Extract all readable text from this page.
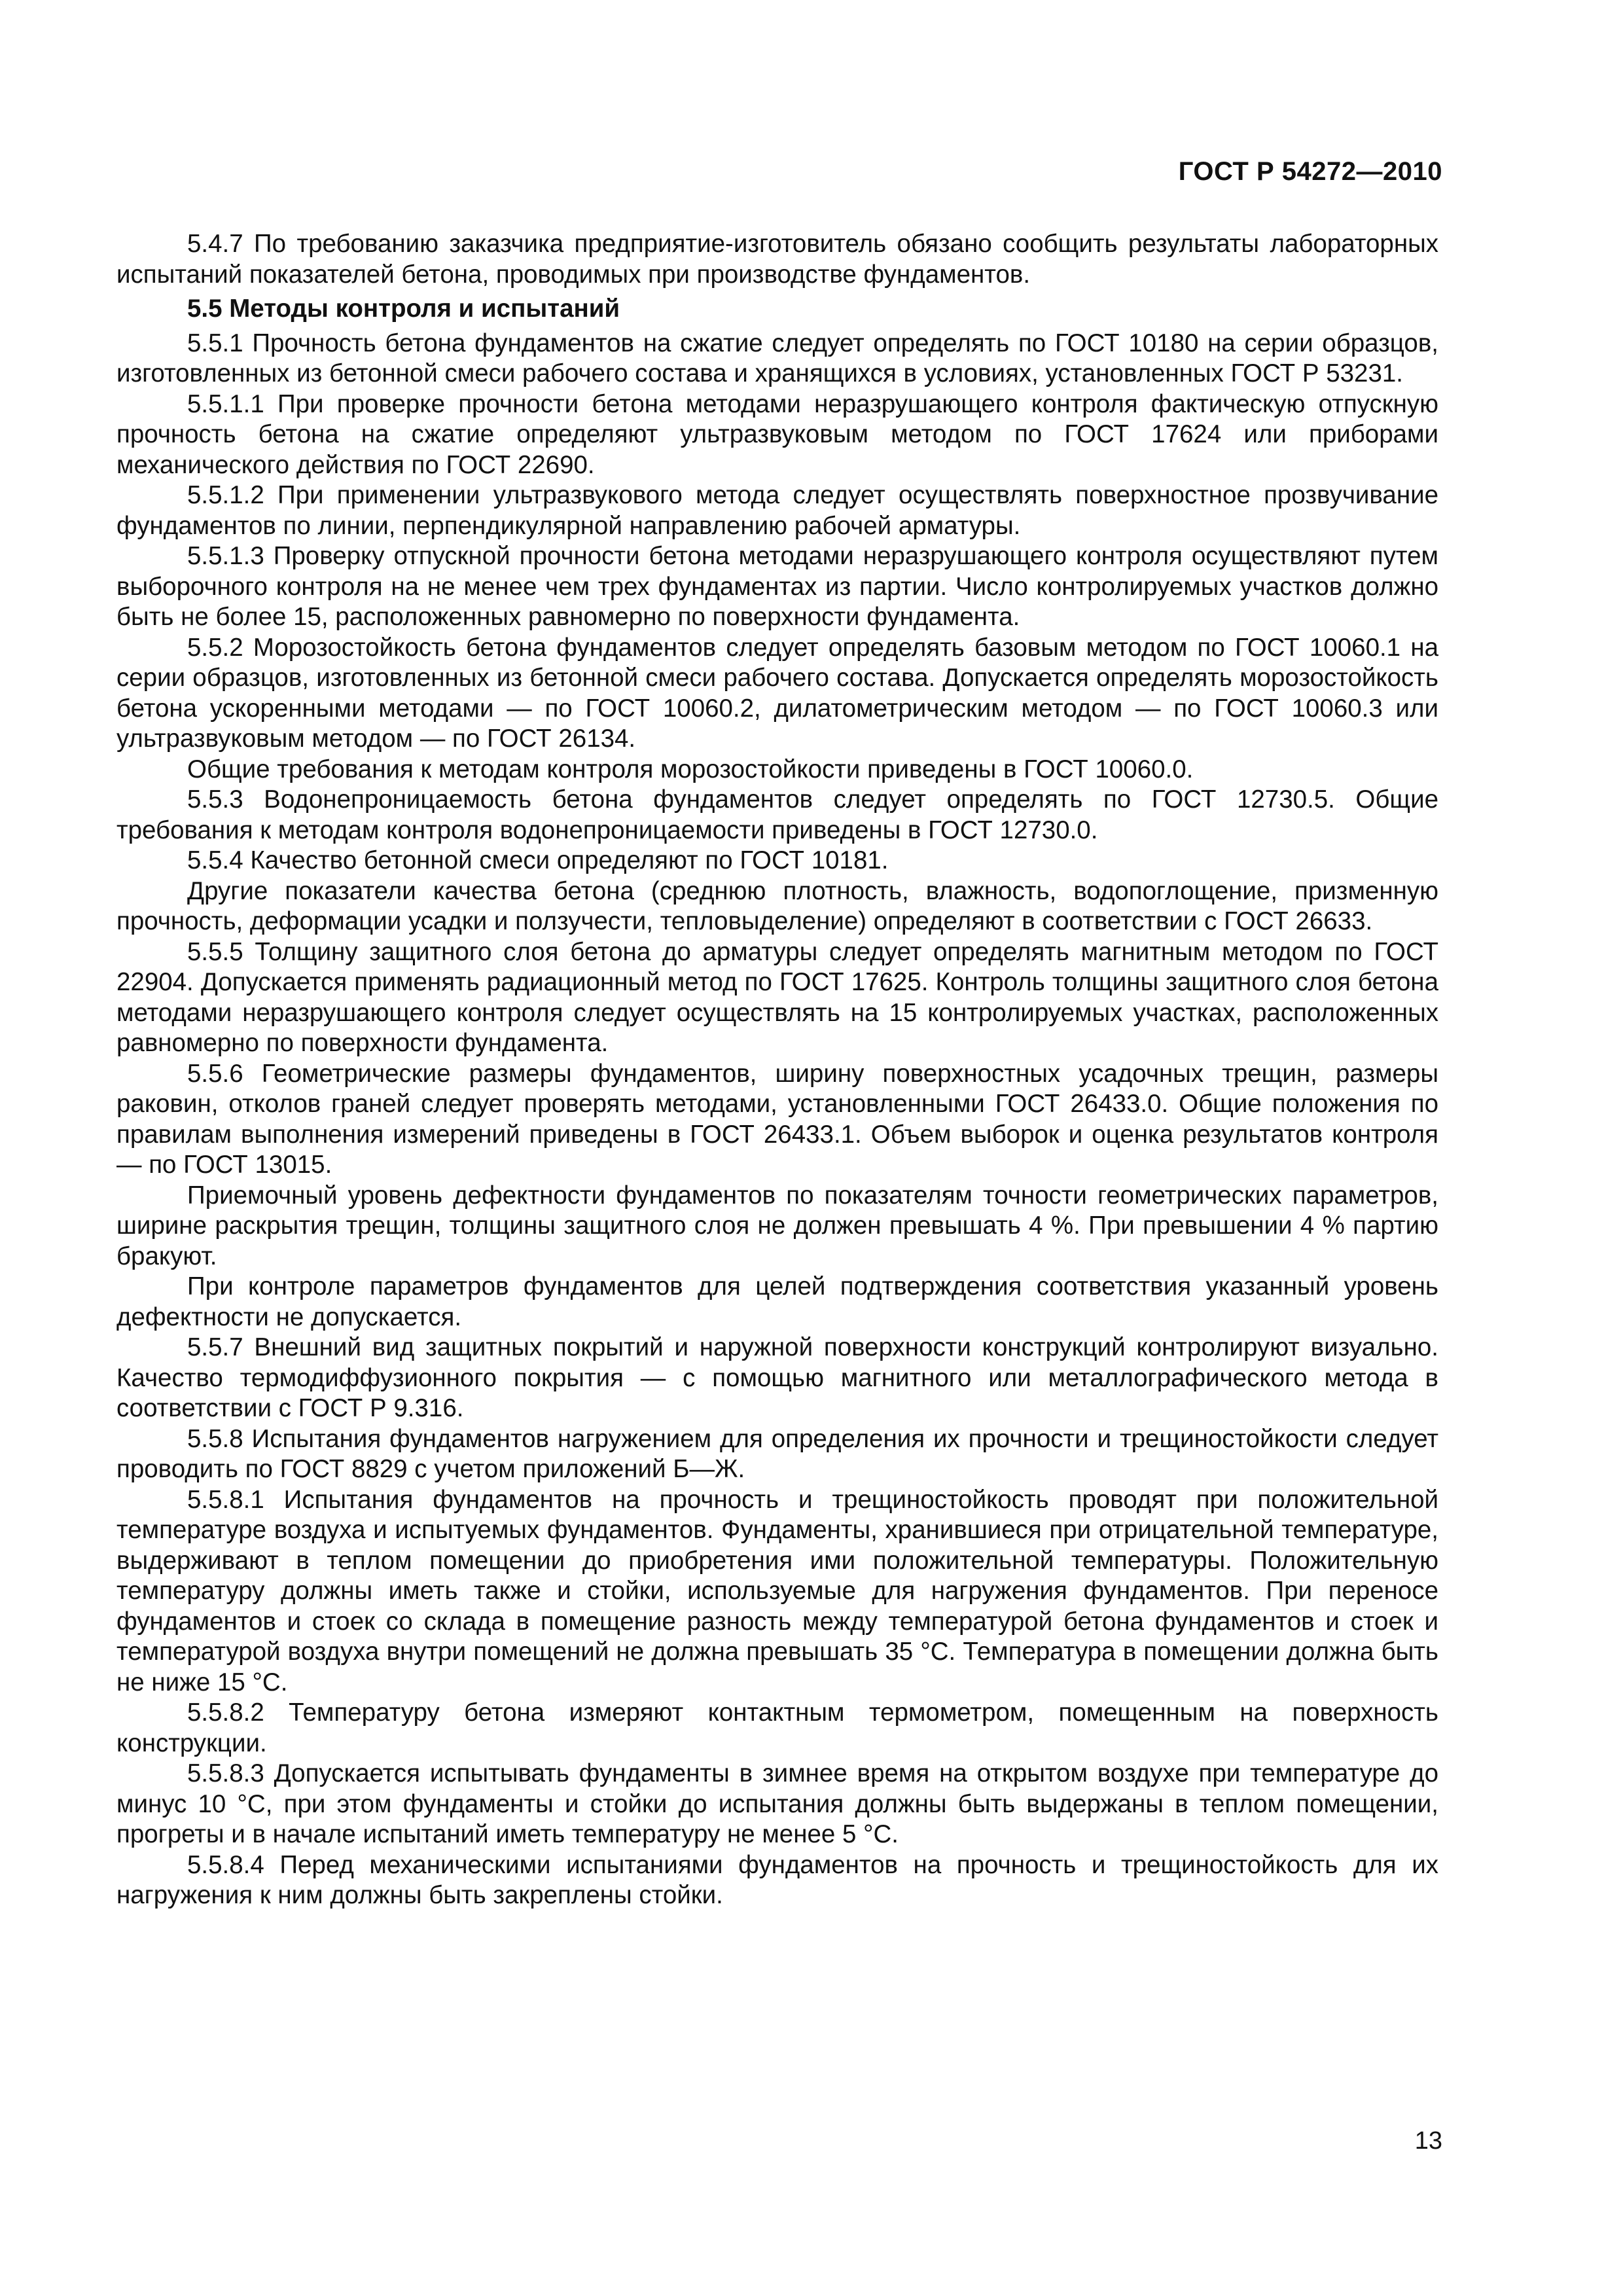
ГОСТ Р 54272—2010

5.4.7 По требованию заказчика предприятие-изготовитель обязано сообщить результаты лабораторных испытаний показателей бетона, проводимых при производстве фундаментов.

5.5 Методы контроля и испытаний

5.5.1 Прочность бетона фундаментов на сжатие следует определять по ГОСТ 10180 на серии образцов, изготовленных из бетонной смеси рабочего состава и хранящихся в условиях, установленных ГОСТ Р 53231.

5.5.1.1 При проверке прочности бетона методами неразрушающего контроля фактическую отпускную прочность бетона на сжатие определяют ультразвуковым методом по ГОСТ 17624 или приборами механического действия по ГОСТ 22690.

5.5.1.2 При применении ультразвукового метода следует осуществлять поверхностное прозвучивание фундаментов по линии, перпендикулярной направлению рабочей арматуры.

5.5.1.3 Проверку отпускной прочности бетона методами неразрушающего контроля осуществляют путем выборочного контроля на не менее чем трех фундаментах из партии. Число контролируемых участков должно быть не более 15, расположенных равномерно по поверхности фундамента.

5.5.2 Морозостойкость бетона фундаментов следует определять базовым методом по ГОСТ 10060.1 на серии образцов, изготовленных из бетонной смеси рабочего состава. Допускается определять морозостойкость бетона ускоренными методами — по ГОСТ 10060.2, дилатометрическим методом — по ГОСТ 10060.3 или ультразвуковым методом — по ГОСТ 26134.

Общие требования к методам контроля морозостойкости приведены в ГОСТ 10060.0.

5.5.3 Водонепроницаемость бетона фундаментов следует определять по ГОСТ 12730.5. Общие требования к методам контроля водонепроницаемости приведены в ГОСТ 12730.0.

5.5.4 Качество бетонной смеси определяют по ГОСТ 10181.

Другие показатели качества бетона (среднюю плотность, влажность, водопоглощение, призменную прочность, деформации усадки и ползучести, тепловыделение) определяют в соответствии с ГОСТ 26633.

5.5.5 Толщину защитного слоя бетона до арматуры следует определять магнитным методом по ГОСТ 22904. Допускается применять радиационный метод по ГОСТ 17625. Контроль толщины защитного слоя бетона методами неразрушающего контроля следует осуществлять на 15 контролируемых участках, расположенных равномерно по поверхности фундамента.

5.5.6 Геометрические размеры фундаментов, ширину поверхностных усадочных трещин, размеры раковин, отколов граней следует проверять методами, установленными ГОСТ 26433.0. Общие положения по правилам выполнения измерений приведены в ГОСТ 26433.1. Объем выборок и оценка результатов контроля — по ГОСТ 13015.

Приемочный уровень дефектности фундаментов по показателям точности геометрических параметров, ширине раскрытия трещин, толщины защитного слоя не должен превышать 4 %. При превышении 4 % партию бракуют.

При контроле параметров фундаментов для целей подтверждения соответствия указанный уровень дефектности не допускается.

5.5.7 Внешний вид защитных покрытий и наружной поверхности конструкций контролируют визуально. Качество термодиффузионного покрытия — с помощью магнитного или металлографического метода в соответствии с ГОСТ Р 9.316.

5.5.8 Испытания фундаментов нагружением для определения их прочности и трещиностойкости следует проводить по ГОСТ 8829 с учетом приложений Б—Ж.

5.5.8.1 Испытания фундаментов на прочность и трещиностойкость проводят при положительной температуре воздуха и испытуемых фундаментов. Фундаменты, хранившиеся при отрицательной температуре, выдерживают в теплом помещении до приобретения ими положительной температуры. Положительную температуру должны иметь также и стойки, используемые для нагружения фундаментов. При переносе фундаментов и стоек со склада в помещение разность между температурой бетона фундаментов и стоек и температурой воздуха внутри помещений не должна превышать 35 °С. Температура в помещении должна быть не ниже 15 °С.

5.5.8.2 Температуру бетона измеряют контактным термометром, помещенным на поверхность конструкции.

5.5.8.3 Допускается испытывать фундаменты в зимнее время на открытом воздухе при температуре до минус 10 °С, при этом фундаменты и стойки до испытания должны быть выдержаны в теплом помещении, прогреты и в начале испытаний иметь температуру не менее 5 °С.

5.5.8.4 Перед механическими испытаниями фундаментов на прочность и трещиностойкость для их нагружения к ним должны быть закреплены стойки.

13
